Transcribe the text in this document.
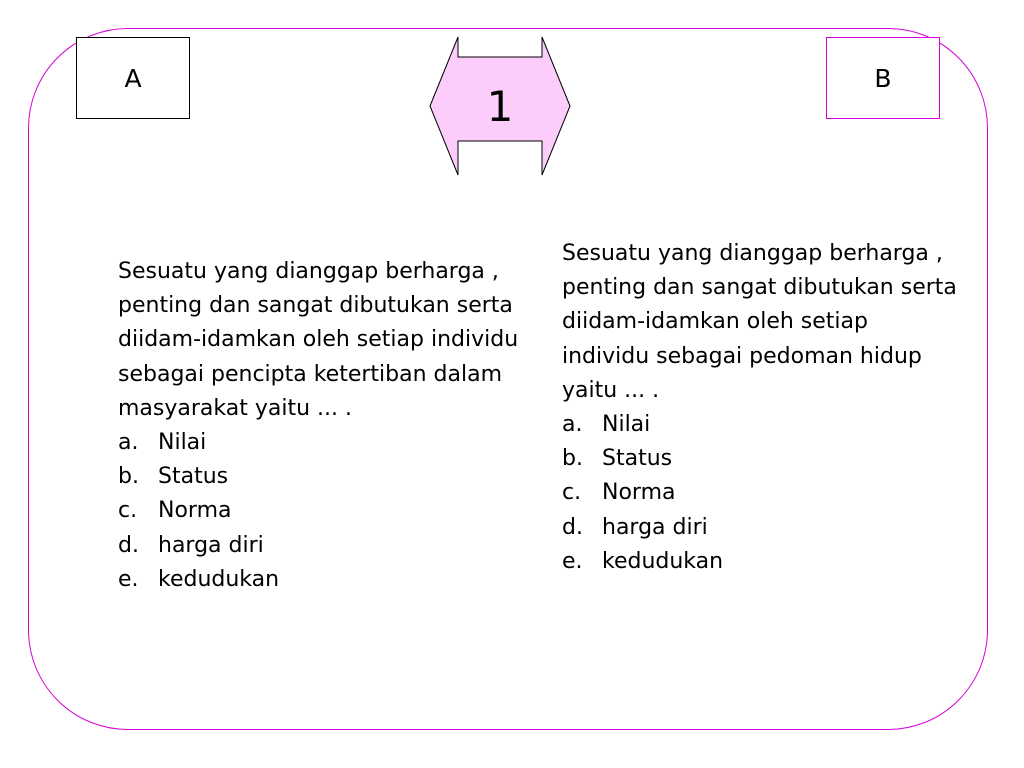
A	B
1

Sesuatu yang dianggap berharga , penting dan sangat dibutukan serta diidam-idamkan oleh setiap individu sebagai pencipta ketertiban dalam masyarakat yaitu ... .

a. Nilai
b. Status
c. Norma
d. harga diri
e. kedudukan

Sesuatu yang dianggap berharga , penting dan sangat dibutukan serta diidam-idamkan oleh setiap individu sebagai pedoman hidup yaitu ... .

a. Nilai
b. Status
c. Norma
d. harga diri
e. kedudukan
